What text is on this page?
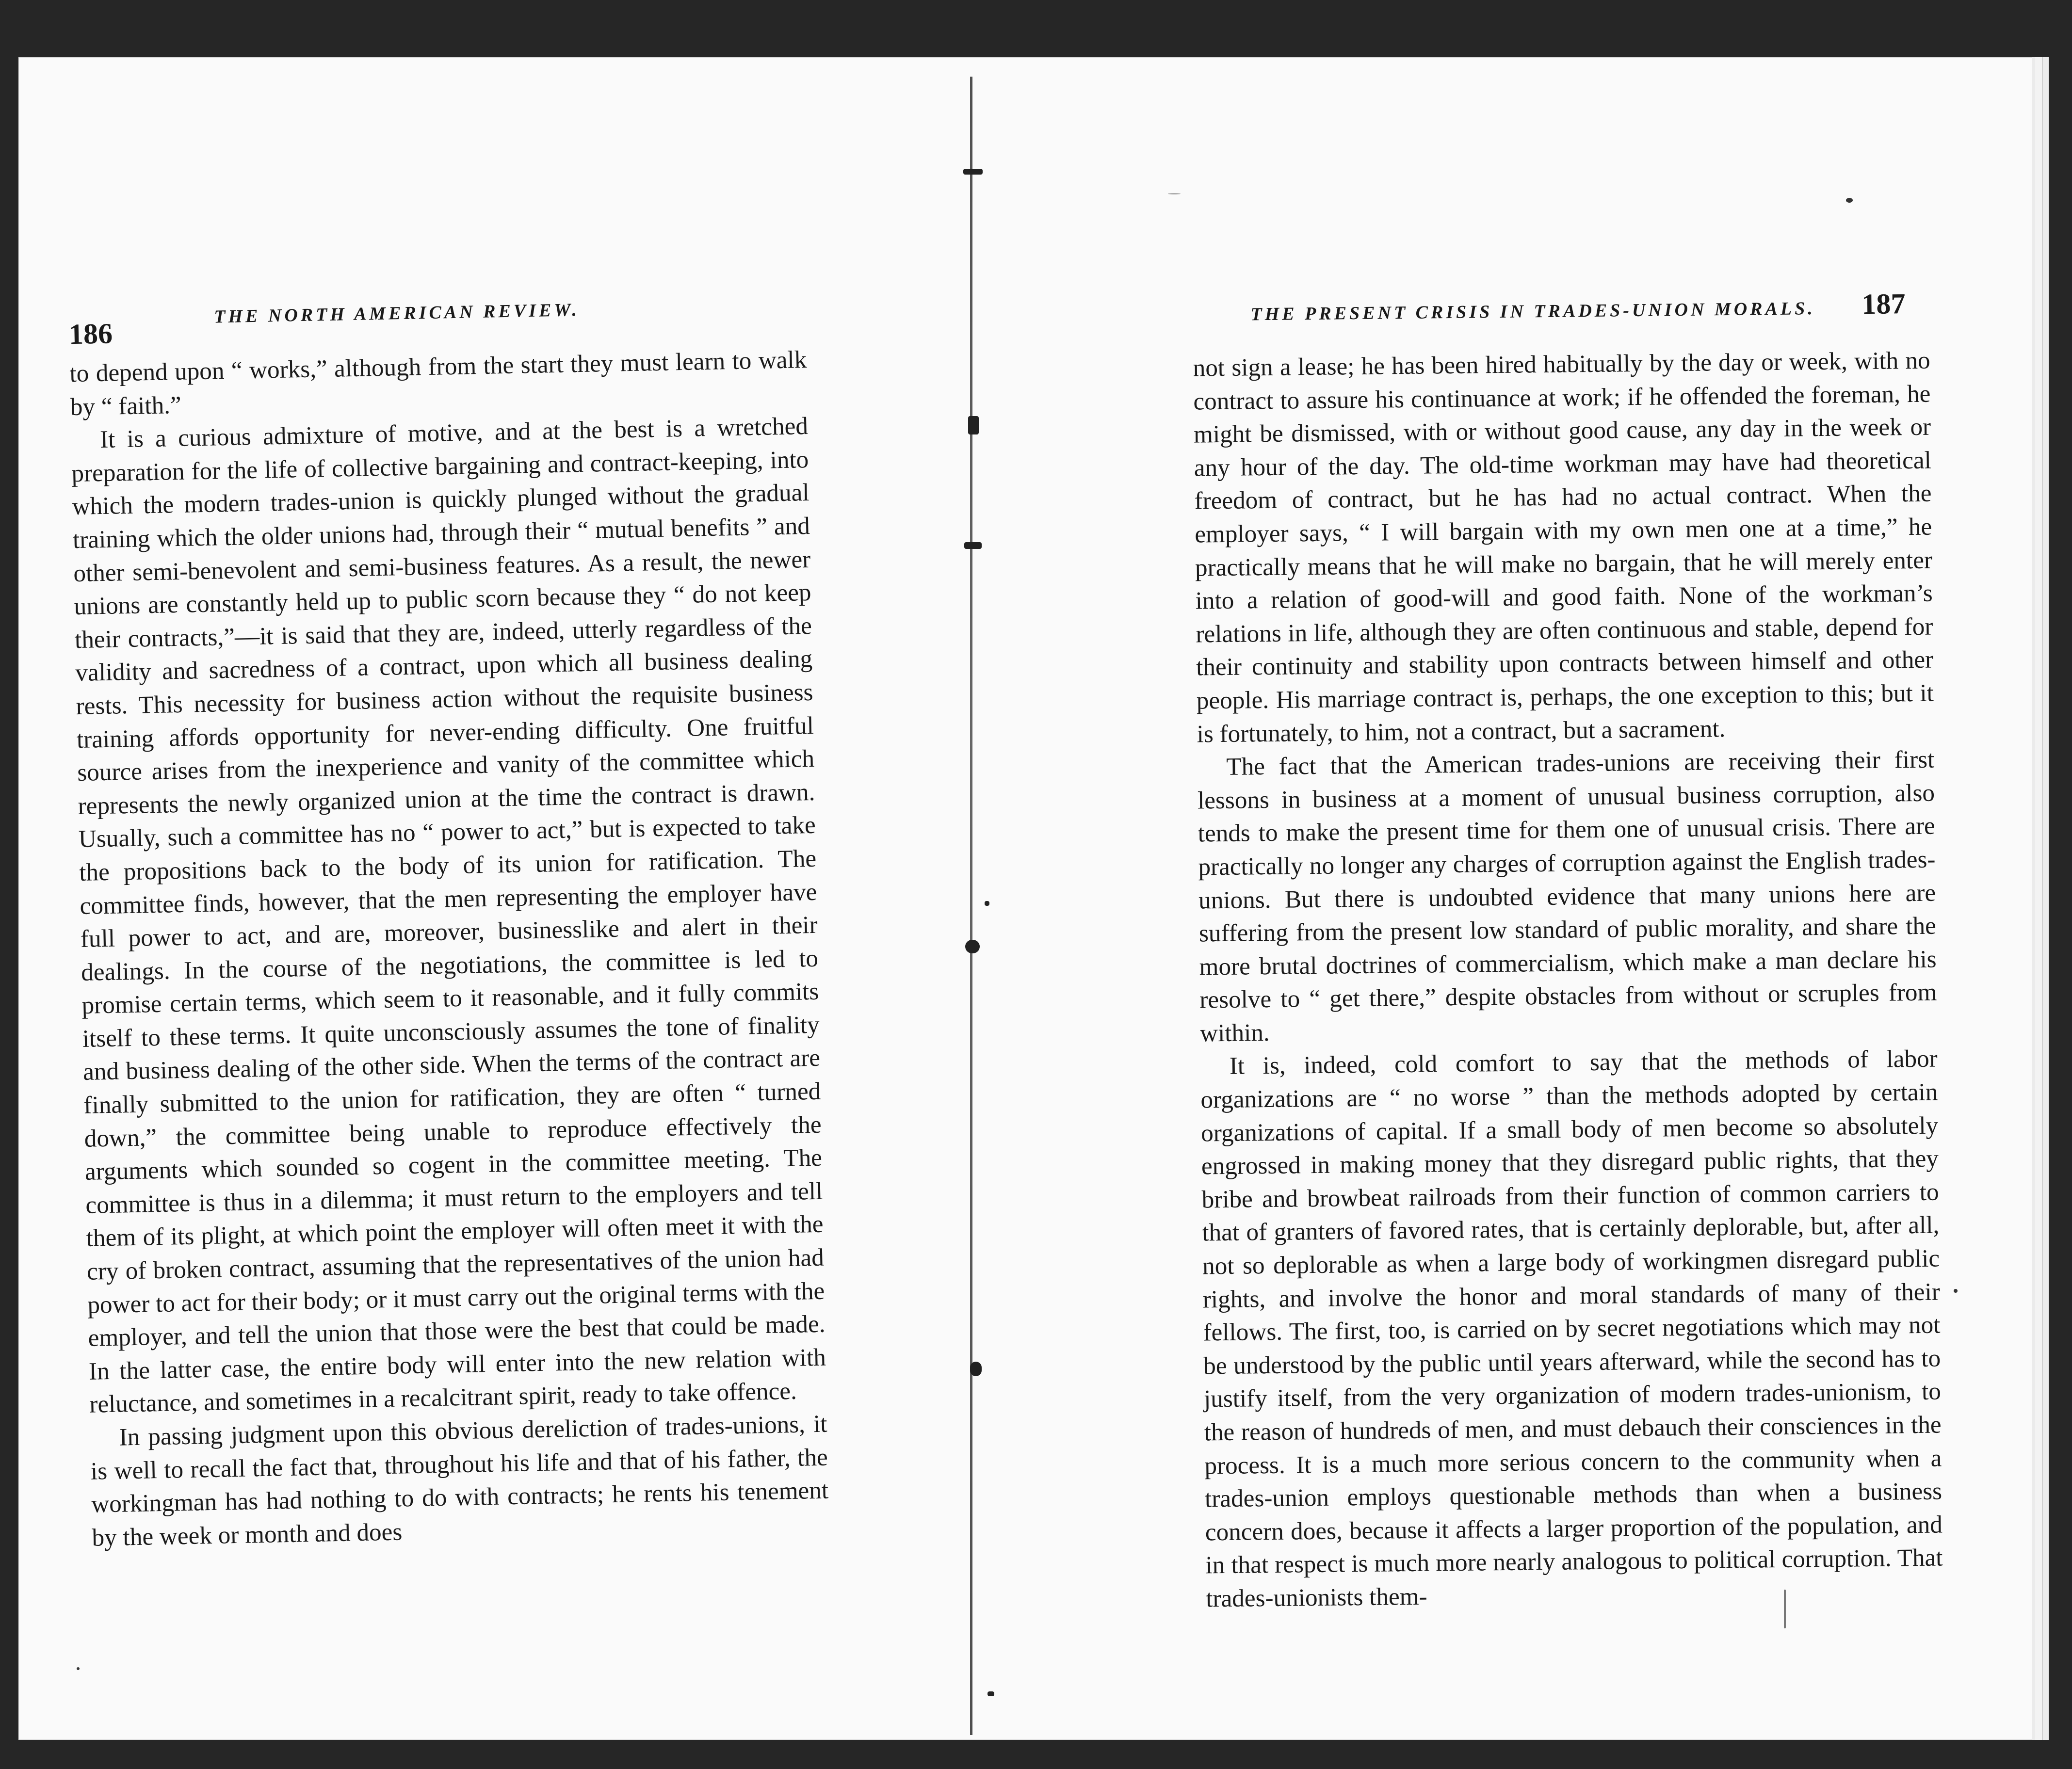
186
THE NORTH AMERICAN REVIEW.

to depend upon “ works,” although from the start they must learn to walk by “ faith.”

It is a curious admixture of motive, and at the best is a wretched preparation for the life of collective bargaining and contract-keeping, into which the modern trades-union is quickly plunged without the gradual training which the older unions had, through their “ mutual benefits ” and other semi-benevolent and semi-business features. As a result, the newer unions are constantly held up to public scorn because they “ do not keep their contracts,”—it is said that they are, indeed, utterly regardless of the validity and sacredness of a contract, upon which all business dealing rests. This necessity for business action without the requisite business training affords opportunity for never-ending difficulty. One fruitful source arises from the inexperience and vanity of the committee which represents the newly organized union at the time the contract is drawn. Usually, such a committee has no “ power to act,” but is expected to take the propositions back to the body of its union for ratification. The committee finds, however, that the men representing the employer have full power to act, and are, moreover, businesslike and alert in their dealings. In the course of the negotiations, the committee is led to promise certain terms, which seem to it reasonable, and it fully commits itself to these terms. It quite unconsciously assumes the tone of finality and business dealing of the other side. When the terms of the contract are finally submitted to the union for ratification, they are often “ turned down,” the committee being unable to reproduce effectively the arguments which sounded so cogent in the committee meeting. The committee is thus in a dilemma; it must return to the employers and tell them of its plight, at which point the employer will often meet it with the cry of broken contract, assuming that the representatives of the union had power to act for their body; or it must carry out the original terms with the employer, and tell the union that those were the best that could be made. In the latter case, the entire body will enter into the new relation with reluctance, and sometimes in a recalcitrant spirit, ready to take offence.

In passing judgment upon this obvious dereliction of trades-unions, it is well to recall the fact that, throughout his life and that of his father, the workingman has had nothing to do with contracts; he rents his tenement by the week or month and does

THE PRESENT CRISIS IN TRADES-UNION MORALS. 187

not sign a lease; he has been hired habitually by the day or week, with no contract to assure his continuance at work; if he offended the foreman, he might be dismissed, with or without good cause, any day in the week or any hour of the day. The old-time workman may have had theoretical freedom of contract, but he has had no actual contract. When the employer says, “ I will bargain with my own men one at a time,” he practically means that he will make no bargain, that he will merely enter into a relation of good-will and good faith. None of the workman’s relations in life, although they are often continuous and stable, depend for their continuity and stability upon contracts between himself and other people. His marriage contract is, perhaps, the one exception to this; but it is fortunately, to him, not a contract, but a sacrament.

The fact that the American trades-unions are receiving their first lessons in business at a moment of unusual business corruption, also tends to make the present time for them one of unusual crisis. There are practically no longer any charges of corruption against the English trades-unions. But there is undoubted evidence that many unions here are suffering from the present low standard of public morality, and share the more brutal doctrines of commercialism, which make a man declare his resolve to “ get there,” despite obstacles from without or scruples from within.

It is, indeed, cold comfort to say that the methods of labor organizations are “ no worse ” than the methods adopted by certain organizations of capital. If a small body of men become so absolutely engrossed in making money that they disregard public rights, that they bribe and browbeat railroads from their function of common carriers to that of granters of favored rates, that is certainly deplorable, but, after all, not so deplorable as when a large body of workingmen disregard public rights, and involve the honor and moral standards of many of their fellows. The first, too, is carried on by secret negotiations which may not be understood by the public until years afterward, while the second has to justify itself, from the very organization of modern trades-unionism, to the reason of hundreds of men, and must debauch their consciences in the process. It is a much more serious concern to the community when a trades-union employs questionable methods than when a business concern does, because it affects a larger proportion of the population, and in that respect is much more nearly analogous to political corruption. That trades-unionists them-
